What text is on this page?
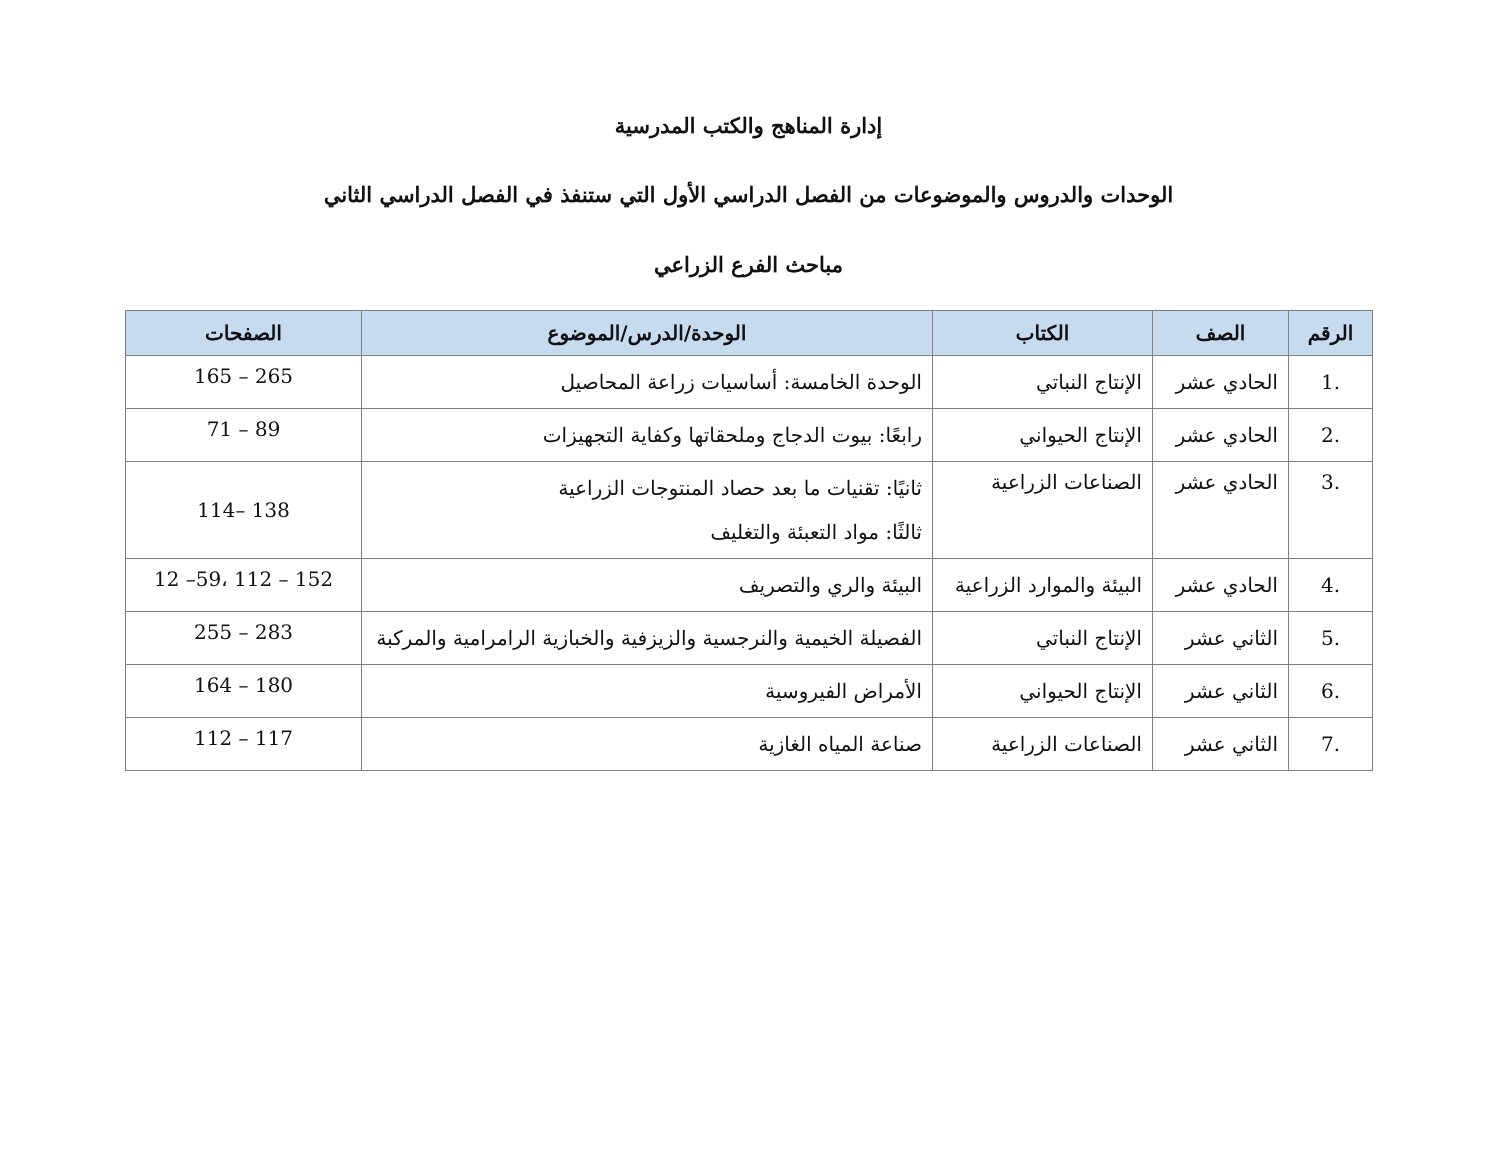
إدارة المناهج والكتب المدرسية

الوحدات والدروس والموضوعات من الفصل الدراسي الأول التي ستنفذ في الفصل الدراسي الثاني

مباحث الفرع الزراعي

الرقم	الصف	الكتاب	الوحدة/الدرس/الموضوع	الصفحات
.1	الحادي عشر	الإنتاج النباتي	الوحدة الخامسة: أساسيات زراعة المحاصيل	165 – 265
.2	الحادي عشر	الإنتاج الحيواني	رابعًا: بيوت الدجاج وملحقاتها وكفاية التجهيزات	71 – 89
.3	الحادي عشر	الصناعات الزراعية	ثانيًا: تقنيات ما بعد حصاد المنتوجات الزراعية
ثالثًا: مواد التعبئة والتغليف	114– 138
.4	الحادي عشر	البيئة والموارد الزراعية	البيئة والري والتصريف	12 –59، 112 – 152
.5	الثاني عشر	الإنتاج النباتي	الفصيلة الخيمية والنرجسية والزيزفية والخبازية الرامرامية والمركبة	255 – 283
.6	الثاني عشر	الإنتاج الحيواني	الأمراض الفيروسية	164 – 180
.7	الثاني عشر	الصناعات الزراعية	صناعة المياه الغازية	112 – 117
